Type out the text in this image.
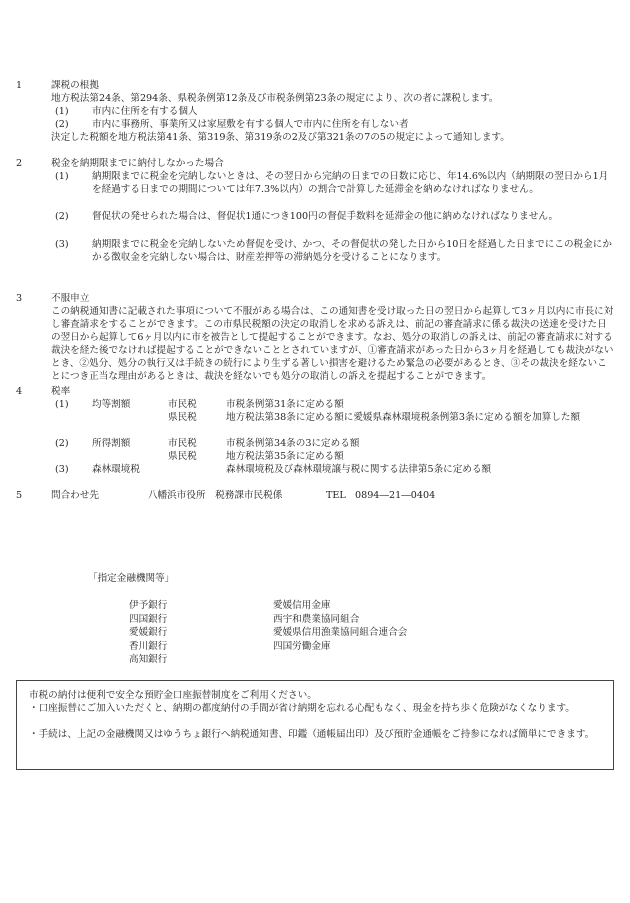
1	課税の根拠
地方税法第24条、第294条、県税条例第12条及び市税条例第23条の規定により、次の者に課税します。
(1) 市内に住所を有する個人
(2) 市内に事務所、事業所又は家屋敷を有する個人で市内に住所を有しない者
決定した税額を地方税法第41条、第319条、第319条の2及び第321条の7の5の規定によって通知します。
2	税金を納期限までに納付しなかった場合
(1) 納期限までに税金を完納しないときは、その翌日から完納の日までの日数に応じ、年14.6%以内（納期限の翌日から1月を経過する日までの期間については年7.3%以内）の割合で計算した延滞金を納めなければなりません。
(2) 督促状の発せられた場合は、督促状1通につき100円の督促手数料を延滞金の他に納めなければなりません。
(3) 納期限までに税金を完納しないため督促を受け、かつ、その督促状の発した日から10日を経過した日までにこの税金にかかる徴収金を完納しない場合は、財産差押等の滞納処分を受けることになります。
3	不服申立
この納税通知書に記載された事項について不服がある場合は、この通知書を受け取った日の翌日から起算して3ヶ月以内に市長に対し審査請求をすることができます。この市県民税額の決定の取消しを求める訴えは、前記の審査請求に係る裁決の送達を受けた日の翌日から起算して6ヶ月以内に市を被告として提起することができます。なお、処分の取消しの訴えは、前記の審査請求に対する裁決を経た後でなければ提起することができないこととされていますが、①審査請求があった日から3ヶ月を経過しても裁決がないとき、②処分、処分の執行又は手続きの続行により生ずる著しい損害を避けるため緊急の必要があるとき、③その裁決を経ないことにつき正当な理由があるときは、裁決を経ないでも処分の取消しの訴えを提起することができます。
4	税率
(1) 均等割額	市民税	市税条例第31条に定める額
県民税	地方税法第38条に定める額に愛媛県森林環境税条例第3条に定める額を加算した額
(2) 所得割額	市民税	市税条例第34条の3に定める額
県民税	地方税法第35条に定める額
(3) 森林環境税	森林環境税及び森林環境譲与税に関する法律第5条に定める額
5	問合わせ先	八幡浜市役所　税務課市民税係	TEL 0894―21―0404
「指定金融機関等」
伊予銀行
四国銀行
愛媛銀行
香川銀行
高知銀行
愛媛信用金庫
西宇和農業協同組合
愛媛県信用漁業協同組合連合会
四国労働金庫
市税の納付は便利で安全な預貯金口座振替制度をご利用ください。
・口座振替にご加入いただくと、納期の都度納付の手間が省け納期を忘れる心配もなく、現金を持ち歩く危険がなくなります。
・手続は、上記の金融機関又はゆうちょ銀行へ納税通知書、印鑑（通帳届出印）及び預貯金通帳をご持参になれば簡単にできます。
